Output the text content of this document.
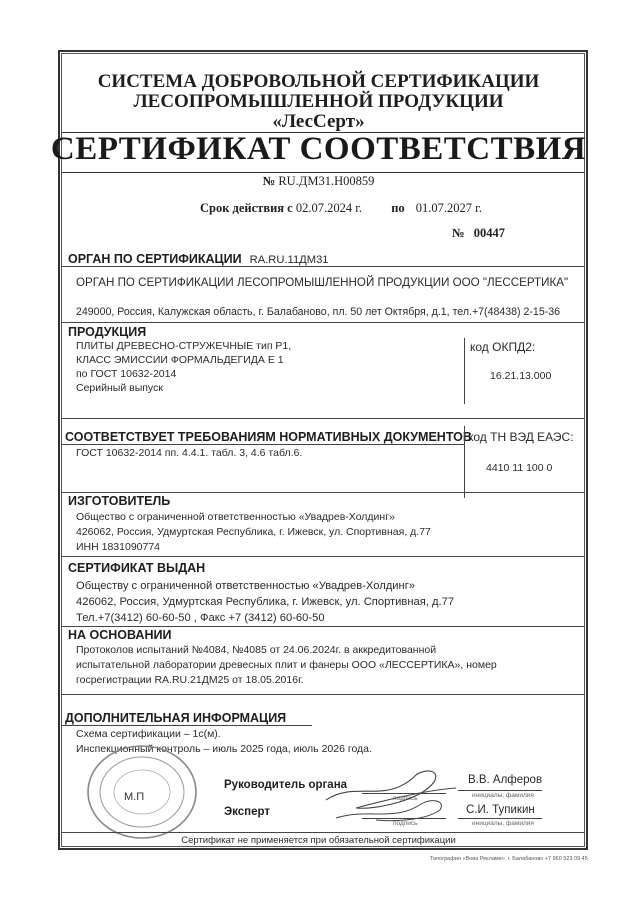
СИСТЕМА ДОБРОВОЛЬНОЙ СЕРТИФИКАЦИИ
ЛЕСОПРОМЫШЛЕННОЙ ПРОДУКЦИИ
«ЛесСерт»
СЕРТИФИКАТ СООТВЕТСТВИЯ
№ RU.ДМ31.Н00859
Срок действия с 02.07.2024 г. по 01.07.2027 г.
№ 00447
ОРГАН ПО СЕРТИФИКАЦИИ RA.RU.11ДМ31
ОРГАН ПО СЕРТИФИКАЦИИ ЛЕСОПРОМЫШЛЕННОЙ ПРОДУКЦИИ ООО "ЛЕССЕРТИКА"
249000, Россия, Калужская область, г. Балабаново, пл. 50 лет Октября, д.1, тел.+7(48438) 2-15-36
ПРОДУКЦИЯ
ПЛИТЫ ДРЕВЕСНО-СТРУЖЕЧНЫЕ тип Р1,
КЛАСС ЭМИССИИ ФОРМАЛЬДЕГИДА Е 1
по ГОСТ 10632-2014
Серийный выпуск
код ОКПД2:
16.21.13.000
СООТВЕТСТВУЕТ ТРЕБОВАНИЯМ НОРМАТИВНЫХ ДОКУМЕНТОВ
ГОСТ 10632-2014 пп. 4.4.1. табл. 3, 4.6 табл.6.
код ТН ВЭД ЕАЭС:
4410 11 100 0
ИЗГОТОВИТЕЛЬ
Общество с ограниченной ответственностью «Увадрев-Холдинг»
426062, Россия, Удмуртская Республика, г. Ижевск, ул. Спортивная, д.77
ИНН 1831090774
СЕРТИФИКАТ ВЫДАН
Обществу с ограниченной ответственностью «Увадрев-Холдинг»
426062, Россия, Удмуртская Республика, г. Ижевск, ул. Спортивная, д.77
Тел.+7(3412) 60-60-50 , Факс +7 (3412) 60-60-50
НА ОСНОВАНИИ
Протоколов испытаний №4084, №4085 от 24.06.2024г. в аккредитованной
испытательной лаборатории древесных плит и фанеры ООО «ЛЕССЕРТИКА», номер
госрегистрации RA.RU.21ДМ25 от 18.05.2016г.
ДОПОЛНИТЕЛЬНАЯ ИНФОРМАЦИЯ
Схема сертификации – 1с(м).
Инспекционный контроль – июль 2025 года, июль 2026 года.
М.П
Руководитель органа
подпись
В.В. Алферов
инициалы, фамилия
Эксперт
подпись
С.И. Тупикин
инициалы, фамилия
Сертификат не применяется при обязательной сертификации
Типография «Вова Рекламе». г. Балабаново +7 960 523 09 45
